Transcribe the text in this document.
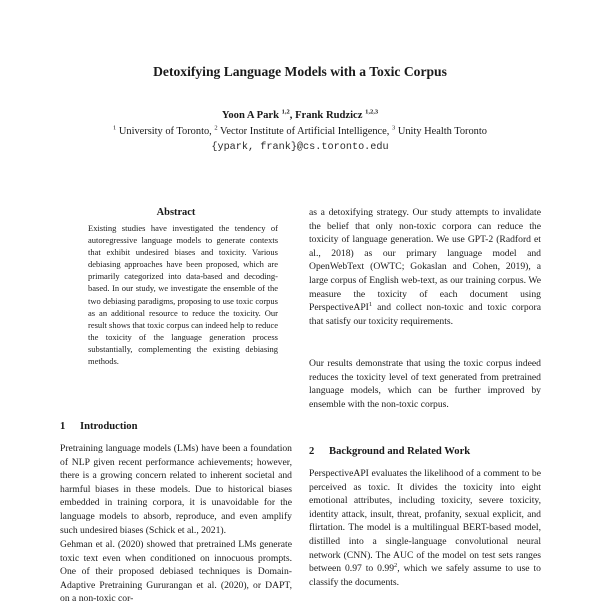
Detoxifying Language Models with a Toxic Corpus
Yoon A Park $^{1,2}$, Frank Rudzicz $^{1,2,3}$
$^1$ University of Toronto, $^2$ Vector Institute of Artificial Intelligence, $^3$ Unity Health Toronto
{ypark, frank}@cs.toronto.edu
Abstract
Existing studies have investigated the tendency of autoregressive language models to generate contexts that exhibit undesired biases and toxicity. Various debiasing approaches have been proposed, which are primarily categorized into data-based and decoding-based. In our study, we investigate the ensemble of the two debiasing paradigms, proposing to use toxic corpus as an additional resource to reduce the toxicity. Our result shows that toxic corpus can indeed help to reduce the toxicity of the language generation process substantially, complementing the existing debiasing methods.
1 Introduction
Pretraining language models (LMs) have been a foundation of NLP given recent performance achievements; however, there is a growing concern related to inherent societal and harmful biases in these models. Due to historical biases embedded in training corpora, it is unavoidable for the language models to absorb, reproduce, and even amplify such undesired biases (Schick et al., 2021).
Gehman et al. (2020) showed that pretrained LMs generate toxic text even when conditioned on innocuous prompts. One of their proposed debiased techniques is Domain-Adaptive Pretraining Gururangan et al. (2020), or DAPT, on a non-toxic cor-
as a detoxifying strategy. Our study attempts to invalidate the belief that only non-toxic corpora can reduce the toxicity of language generation. We use GPT-2 (Radford et al., 2018) as our primary language model and OpenWebText (OWTC; Gokaslan and Cohen, 2019), a large corpus of English web-text, as our training corpus. We measure the toxicity of each document using PerspectiveAPI$^1$ and collect non-toxic and toxic corpora that satisfy our toxicity requirements.
Our results demonstrate that using the toxic corpus indeed reduces the toxicity level of text generated from pretrained language models, which can be further improved by ensemble with the non-toxic corpus.
2 Background and Related Work
PerspectiveAPI evaluates the likelihood of a comment to be perceived as toxic. It divides the toxicity into eight emotional attributes, including toxicity, severe toxicity, identity attack, insult, threat, profanity, sexual explicit, and flirtation. The model is a multilingual BERT-based model, distilled into a single-language convolutional neural network (CNN). The AUC of the model on test sets ranges between 0.97 to 0.99$^2$, which we safely assume to use to classify the documents.
